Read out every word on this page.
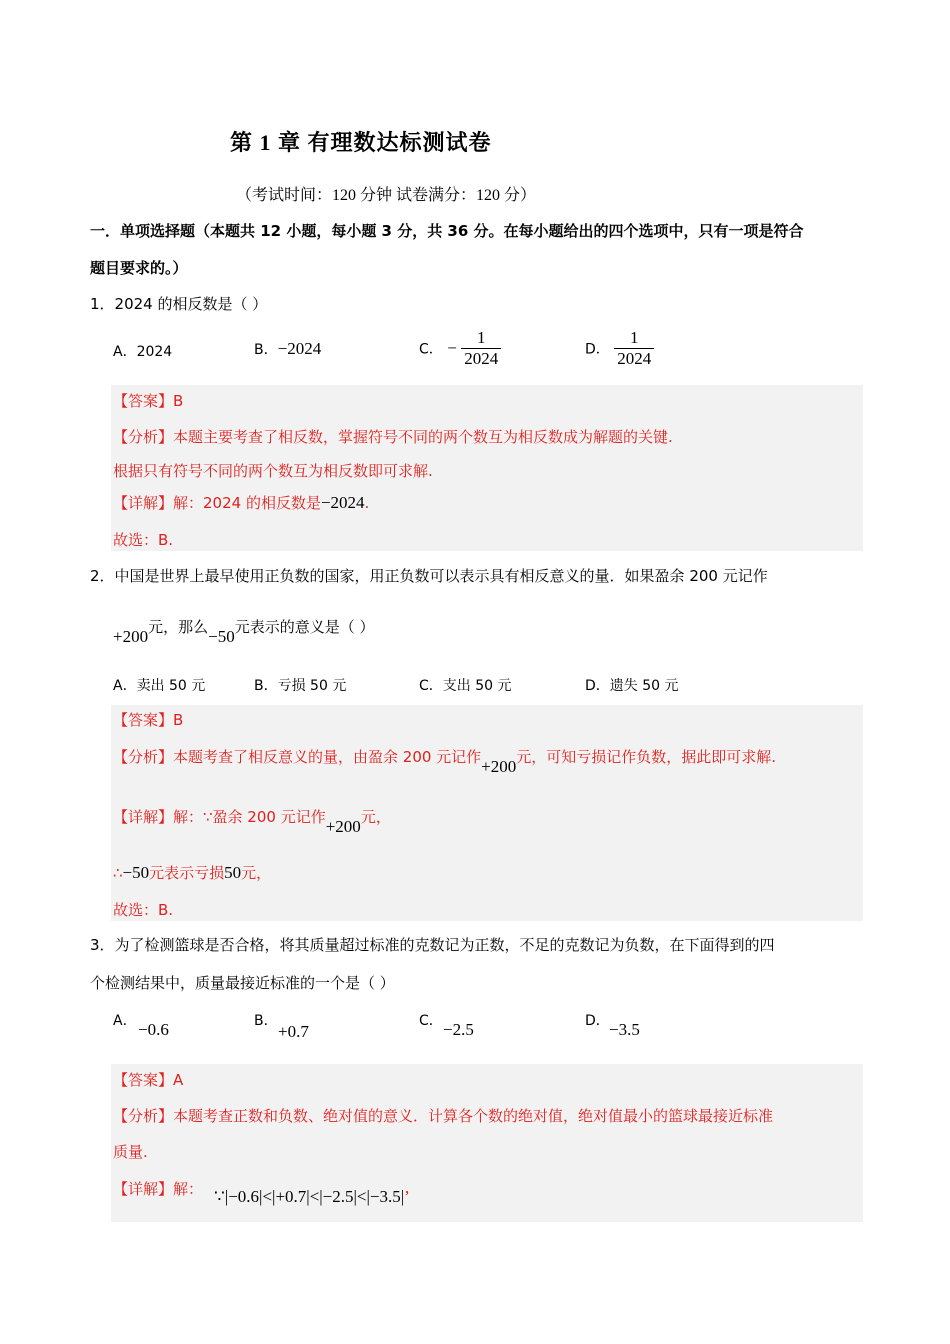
第 1 章 有理数达标测试卷
（考试时间：120 分钟 试卷满分：120 分）
一．单项选择题（本题共 12 小题，每小题 3 分，共 36 分。在每小题给出的四个选项中，只有一项是符合
题目要求的。）
1．2024 的相反数是（ ）
A．2024	B．−2024	C． − $\frac{1}{2024}$	D． $\frac{1}{2024}$
【答案】B
【分析】本题主要考查了相反数，掌握符号不同的两个数互为相反数成为解题的关键.
根据只有符号不同的两个数互为相反数即可求解.
【详解】解：2024 的相反数是−2024.
故选：B.
2．中国是世界上最早使用正负数的国家，用正负数可以表示具有相反意义的量．如果盈余 200 元记作
+200元，那么−50元表示的意义是（ ）
A．卖出 50 元	B．亏损 50 元	C．支出 50 元	D．遗失 50 元
【答案】B
【分析】本题考查了相反意义的量，由盈余 200 元记作+200元，可知亏损记作负数，据此即可求解.
【详解】解：∵盈余 200 元记作+200元，
∴−50元表示亏损50元，
故选：B.
3．为了检测篮球是否合格，将其质量超过标准的克数记为正数，不足的克数记为负数，在下面得到的四
个检测结果中，质量最接近标准的一个是（ ）
A． −0.6	B．
+0.7
C． −2.5	D． −3.5
【答案】A
【分析】本题考查正数和负数、绝对值的意义．计算各个数的绝对值，绝对值最小的篮球最接近标准
质量.
【详解】解： ∵|−0.6|<|+0.7|<|−2.5|<|−3.5|’
